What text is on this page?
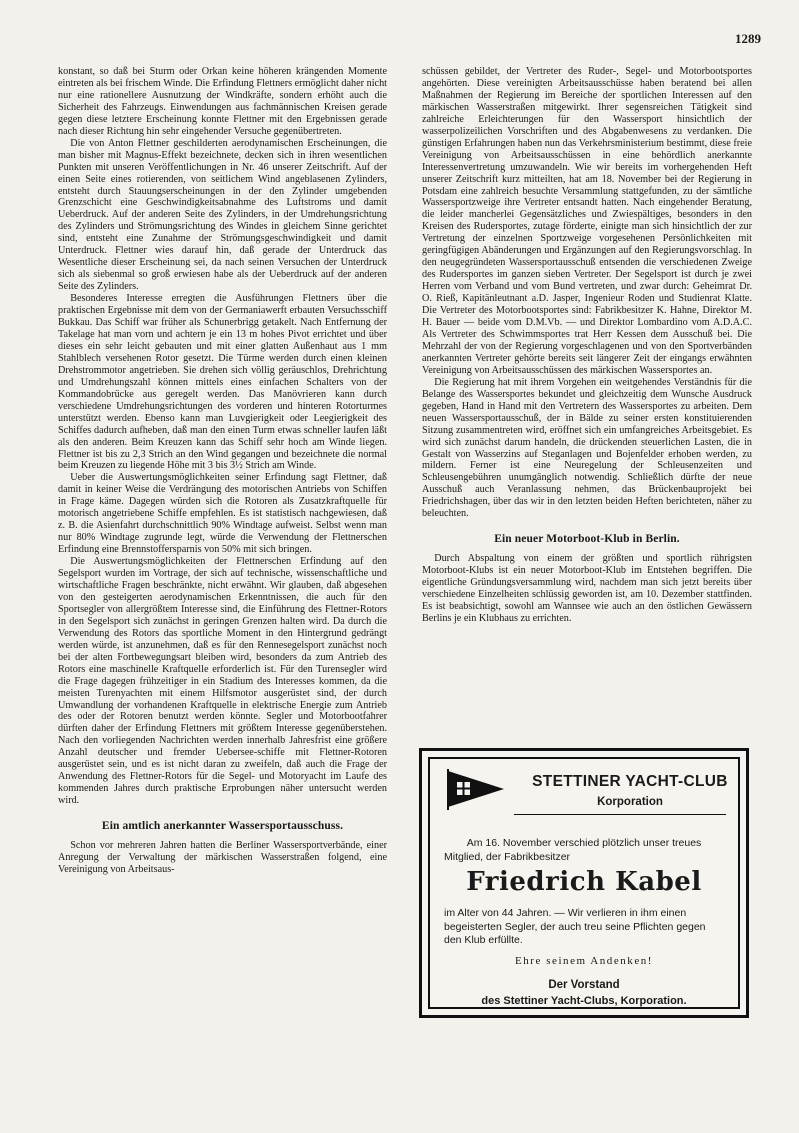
1289

konstant, so daß bei Sturm oder Orkan keine höheren krängenden Momente eintreten als bei frischem Winde. Die Erfindung Flettners ermöglicht daher nicht nur eine rationellere Ausnutzung der Windkräfte, sondern erhöht auch die Sicherheit des Fahrzeugs. Einwendungen aus fachmännischen Kreisen gerade gegen diese letztere Erscheinung konnte Flettner mit den Ergebnissen gerade nach dieser Richtung hin sehr eingehender Versuche gegenübertreten.

Die von Anton Flettner geschilderten aerodynamischen Erscheinungen, die man bisher mit Magnus-Effekt bezeichnete, decken sich in ihren wesentlichen Punkten mit unseren Veröffentlichungen in Nr. 46 unserer Zeitschrift. Auf der einen Seite eines rotierenden, von seitlichem Wind angeblasenen Zylinders, entsteht durch Stauungserscheinungen in der den Zylinder umgebenden Grenzschicht eine Geschwindigkeitsabnahme des Luftstroms und damit Ueberdruck. Auf der anderen Seite des Zylinders, in der Umdrehungsrichtung des Zylinders und Strömungsrichtung des Windes in gleichem Sinne gerichtet sind, entsteht eine Zunahme der Strömungsgeschwindigkeit und damit Unterdruck. Flettner wies darauf hin, daß gerade der Unterdruck das Wesentliche dieser Erscheinung sei, da nach seinen Versuchen der Unterdruck sich als siebenmal so groß erwiesen habe als der Ueberdruck auf der anderen Seite des Zylinders.

Besonderes Interesse erregten die Ausführungen Flettners über die praktischen Ergebnisse mit dem von der Germaniawerft erbauten Versuchsschiff Bukkau. Das Schiff war früher als Schunerbrigg getakelt. Nach Entfernung der Takelage hat man vorn und achtern je ein 13 m hohes Pivot errichtet und über dieses ein sehr leicht gebauten und mit einer glatten Außenhaut aus 1 mm Stahlblech versehenen Rotor gesetzt. Die Türme werden durch einen kleinen Drehstrommotor angetrieben. Sie drehen sich völlig geräuschlos, Drehrichtung und Umdrehungszahl können mittels eines einfachen Schalters von der Kommandobrücke aus geregelt werden. Das Manövrieren kann durch verschiedene Umdrehungsrichtungen des vorderen und hinteren Rotorturmes unterstützt werden. Ebenso kann man Luvgierigkeit oder Leegierigkeit des Schiffes dadurch aufheben, daß man den einen Turm etwas schneller laufen läßt als den anderen. Beim Kreuzen kann das Schiff sehr hoch am Winde liegen. Flettner ist bis zu 2,3 Strich an den Wind gegangen und bezeichnete die normal beim Kreuzen zu liegende Höhe mit 3 bis 3½ Strich am Winde.

Ueber die Auswertungsmöglichkeiten seiner Erfindung sagt Flettner, daß damit in keiner Weise die Verdrängung des motorischen Antriebs von Schiffen in Frage käme. Dagegen würden sich die Rotoren als Zusatzkraftquelle für motorisch angetriebene Schiffe empfehlen. Es ist statistisch nachgewiesen, daß z. B. die Asienfahrt durchschnittlich 90% Windtage aufweist. Selbst wenn man nur 80% Windtage zugrunde legt, würde die Verwendung der Flettnerschen Erfindung eine Brennstoffersparnis von 50% mit sich bringen.

Die Auswertungsmöglichkeiten der Flettnerschen Erfindung auf den Segelsport wurden im Vortrage, der sich auf technische, wissenschaftliche und wirtschaftliche Fragen beschränkte, nicht erwähnt. Wir glauben, daß abgesehen von den gesteigerten aerodynamischen Erkenntnissen, die auch für den Sportsegler von allergrößtem Interesse sind, die Einführung des Flettner-Rotors in den Segelsport sich zunächst in geringen Grenzen halten wird. Da durch die Verwendung des Rotors das sportliche Moment in den Hintergrund gedrängt werden würde, ist anzunehmen, daß es für den Rennesegelsport zunächst noch bei der alten Fortbewegungsart bleiben wird, besonders da zum Antrieb des Rotors eine maschinelle Kraftquelle erforderlich ist. Für den Turensegler wird die Frage dagegen frühzeitiger in ein Stadium des Interesses kommen, da die meisten Turenyachten mit einem Hilfsmotor ausgerüstet sind, der durch Umwandlung der vorhandenen Kraftquelle in elektrische Energie zum Antrieb des oder der Rotoren benutzt werden könnte. Segler und Motorbootfahrer dürften daher der Erfindung Flettners mit größtem Interesse gegenüberstehen. Nach den vorliegenden Nachrichten werden innerhalb Jahresfrist eine größere Anzahl deutscher und fremder Uebersee-schiffe mit Flettner-Rotoren ausgerüstet sein, und es ist nicht daran zu zweifeln, daß auch die Frage der Anwendung des Flettner-Rotors für die Segel- und Motoryacht im Laufe des kommenden Jahres durch praktische Erprobungen näher untersucht werden wird.

Ein amtlich anerkannter Wassersportausschuss.

Schon vor mehreren Jahren hatten die Berliner Wassersportverbände, einer Anregung der Verwaltung der märkischen Wasserstraßen folgend, eine Vereinigung von Arbeitsaus-

schüssen gebildet, der Vertreter des Ruder-, Segel- und Motorbootsportes angehörten. Diese vereinigten Arbeitsausschüsse haben beratend bei allen Maßnahmen der Regierung im Bereiche der sportlichen Interessen auf den märkischen Wasserstraßen mitgewirkt. Ihrer segensreichen Tätigkeit sind zahlreiche Erleichterungen für den Wassersport hinsichtlich der wasserpolizeilichen Vorschriften und des Abgabenwesens zu verdanken. Die günstigen Erfahrungen haben nun das Verkehrsministerium bestimmt, diese freie Vereinigung von Arbeitsausschüssen in eine behördlich anerkannte Interessenvertretung umzuwandeln. Wie wir bereits im vorhergehenden Heft unserer Zeitschrift kurz mitteilten, hat am 18. November bei der Regierung in Potsdam eine zahlreich besuchte Versammlung stattgefunden, zu der sämtliche Wassersportzweige ihre Vertreter entsandt hatten. Nach eingehender Beratung, die leider mancherlei Gegensätzliches und Zwiespältiges, besonders in den Kreisen des Rudersportes, zutage förderte, einigte man sich hinsichtlich der zur Vertretung der einzelnen Sportzweige vorgesehenen Persönlichkeiten mit geringfügigen Abänderungen und Ergänzungen auf den Regierungsvorschlag. In den neugegründeten Wassersportausschuß entsenden die verschiedenen Zweige des Rudersportes im ganzen sieben Vertreter. Der Segelsport ist durch je zwei Herren vom Verband und vom Bund vertreten, und zwar durch: Geheimrat Dr. O. Rieß, Kapitänleutnant a.D. Jasper, Ingenieur Roden und Studienrat Klatte. Die Vertreter des Motorbootsportes sind: Fabrikbesitzer K. Hahne, Direktor M. H. Bauer — beide vom D.M.Vb. — und Direktor Lombardino vom A.D.A.C. Als Vertreter des Schwimmsportes trat Herr Kessen dem Ausschuß bei. Die Mehrzahl der von der Regierung vorgeschlagenen und von den Sportverbänden anerkannten Vertreter gehörte bereits seit längerer Zeit der eingangs erwähnten Vereinigung von Arbeitsausschüssen des märkischen Wassersportes an.

Die Regierung hat mit ihrem Vorgehen ein weitgehendes Verständnis für die Belange des Wassersportes bekundet und gleichzeitig dem Wunsche Ausdruck gegeben, Hand in Hand mit den Vertretern des Wassersportes zu arbeiten. Dem neuen Wassersportausschuß, der in Bälde zu seiner ersten konstituierenden Sitzung zusammentreten wird, eröffnet sich ein umfangreiches Arbeitsgebiet. Es wird sich zunächst darum handeln, die drückenden steuerlichen Lasten, die in Gestalt von Wasserzins auf Steganlagen und Bojenfelder erhoben werden, zu mildern. Ferner ist eine Neuregelung der Schleusenzeiten und Schleusengebühren unumgänglich notwendig. Schließlich dürfte der neue Ausschuß auch Veranlassung nehmen, das Brückenbauprojekt bei Friedrichshagen, über das wir in den letzten beiden Heften berichteten, näher zu beleuchten.

Ein neuer Motorboot-Klub in Berlin.

Durch Abspaltung von einem der größten und sportlich rührigsten Motorboot-Klubs ist ein neuer Motorboot-Klub im Entstehen begriffen. Die eigentliche Gründungsversammlung wird, nachdem man sich jetzt bereits über verschiedene Einzelheiten schlüssig geworden ist, am 10. Dezember stattfinden. Es ist beabsichtigt, sowohl am Wannsee wie auch an den östlichen Gewässern Berlins je ein Klubhaus zu errichten.

STETTINER YACHT-CLUB
Korporation
Am 16. November verschied plötzlich unser treues
Mitglied, der Fabrikbesitzer
Friedrich Kabel
im Alter von 44 Jahren. — Wir verlieren in ihm einen begeisterten Segler, der auch treu seine Pflichten gegen den Klub erfüllte.
Ehre seinem Andenken!
Der Vorstand
des Stettiner Yacht-Clubs, Korporation.
